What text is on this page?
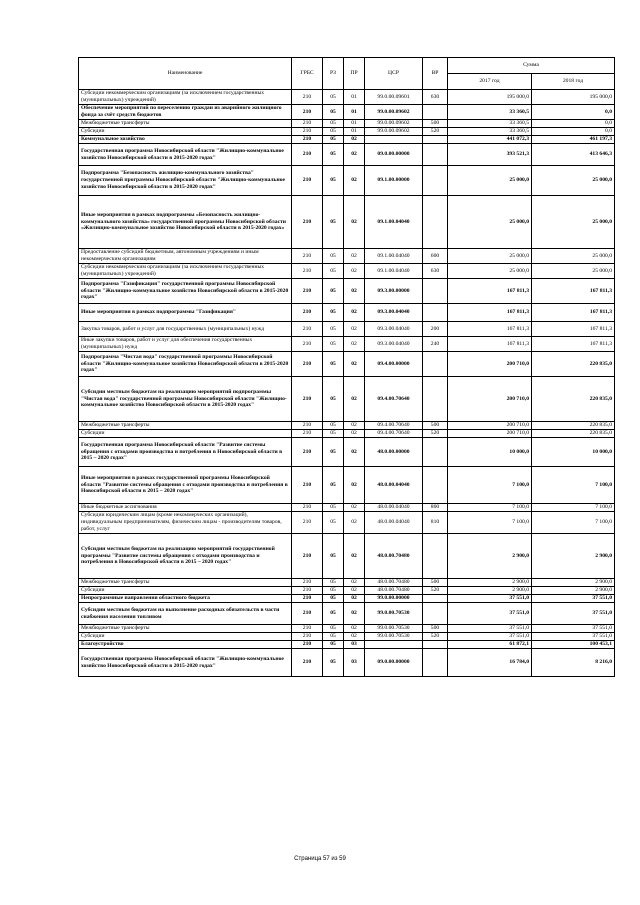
Наименование	ГРБС	РЗ	ПР	ЦСР	ВР	Сумма	
						2017 год	2018 год
Субсидии некоммерческим организациям (за исключением государственных (муниципальных) учреждений)	210	05	01	99.0.00.09601	630	195 000,0	195 000,0
Обеспечение мероприятий по переселению граждан из аварийного жилищного фонда за счёт средств бюджетов	210	05	01	99.0.00.09602		33 360,5	0,0
Межбюджетные трансферты	210	05	01	99.0.00.09602	500	33 360,5	0,0
Субсидии	210	05	01	99.0.00.09602	520	33 360,5	0,0
Коммунальное хозяйство	210	05	02			441 072,3	461 197,3
Государственная программа Новосибирской области "Жилищно-коммунальное хозяйство Новосибирской области в 2015-2020 годах"	210	05	02	09.0.00.00000		393 521,3	413 646,3
Подпрограмма "Безопасность жилищно-коммунального хозяйства" государственной программы Новосибирской области "Жилищно-коммунальное хозяйство Новосибирской области в 2015-2020 годах"	210	05	02	09.1.00.00000		25 000,0	25 000,0
Иные мероприятия в рамках подпрограммы «Безопасность жилищно-коммунального хозяйства» государственной программы Новосибирской области «Жилищно-коммунальное хозяйство Новосибирской области в 2015-2020 годах»	210	05	02	09.1.00.04040		25 000,0	25 000,0
Предоставление субсидий бюджетным, автономным учреждениям и иным некоммерческим организациям	210	05	02	09.1.00.04040	600	25 000,0	25 000,0
Субсидии некоммерческим организациям (за исключением государственных (муниципальных) учреждений)	210	05	02	09.1.00.04040	630	25 000,0	25 000,0
Подпрограмма "Газификация" государственной программы Новосибирской области "Жилищно-коммунальное хозяйство Новосибирской области в 2015-2020 годах"	210	05	02	09.3.00.00000		167 811,3	167 811,3
Иные мероприятия в рамках подпрограммы "Газификация"	210	05	02	09.3.00.04040		167 811,3	167 811,3
Закупка товаров, работ и услуг для государственных (муниципальных) нужд	210	05	02	09.3.00.04040	200	167 811,3	167 811,3
Иные закупки товаров, работ и услуг для обеспечения государственных (муниципальных) нужд	210	05	02	09.3.00.04040	240	167 811,3	167 811,3
Подпрограмма "Чистая вода" государственной программы Новосибирской области "Жилищно-коммунальное хозяйство Новосибирской области в 2015-2020 годах"	210	05	02	09.4.00.00000		200 710,0	220 835,0
Субсидии местным бюджетам на реализацию мероприятий подпрограммы "Чистая вода" государственной программы Новосибирской области "Жилищно-коммунальное хозяйство Новосибирской области в 2015-2020 годах"	210	05	02	09.4.00.70640		200 710,0	220 835,0
Межбюджетные трансферты	210	05	02	09.4.00.70640	500	200 710,0	220 835,0
Субсидии	210	05	02	09.4.00.70640	520	200 710,0	220 835,0
Государственная программа Новосибирской области "Развитие системы обращения с отходами производства и потребления в Новосибирской области в 2015 – 2020 годах"	210	05	02	48.0.00.00000		10 000,0	10 000,0
Иные мероприятия в рамках государственной программы Новосибирской области "Развитие системы обращения с отходами производства и потребления в Новосибирской области в 2015 – 2020 годах"	210	05	02	48.0.00.04040		7 100,0	7 100,0
Иные бюджетные ассигнования	210	05	02	48.0.00.04040	800	7 100,0	7 100,0
Субсидии юридическим лицам (кроме некоммерческих организаций), индивидуальным предпринимателям, физическим лицам - производителям товаров, работ, услуг	210	05	02	48.0.00.04040	810	7 100,0	7 100,0
Субсидии местным бюджетам на реализацию мероприятий государственной программы "Развитие системы обращения с отходами производства и потребления в Новосибирской области в 2015 – 2020 годах"	210	05	02	48.0.00.70480		2 900,0	2 900,0
Межбюджетные трансферты	210	05	02	48.0.00.70480	500	2 900,0	2 900,0
Субсидии	210	05	02	48.0.00.70480	520	2 900,0	2 900,0
Непрограммные направления областного бюджета	210	05	02	99.0.00.00000		37 551,0	37 551,0
Субсидии местным бюджетам на выполнение расходных обязательств в части снабжения населения топливом	210	05	02	99.0.00.70530		37 551,0	37 551,0
Межбюджетные трансферты	210	05	02	99.0.00.70530	500	37 551,0	37 551,0
Субсидии	210	05	02	99.0.00.70530	520	37 551,0	37 551,0
Благоустройство	210	05	03			61 872,1	100 453,1
Государственная программа Новосибирской области "Жилищно-коммунальное хозяйство Новосибирской области в 2015-2020 годах"	210	05	03	09.0.00.00000		16 784,0	8 216,0
Страница 57 из 59
